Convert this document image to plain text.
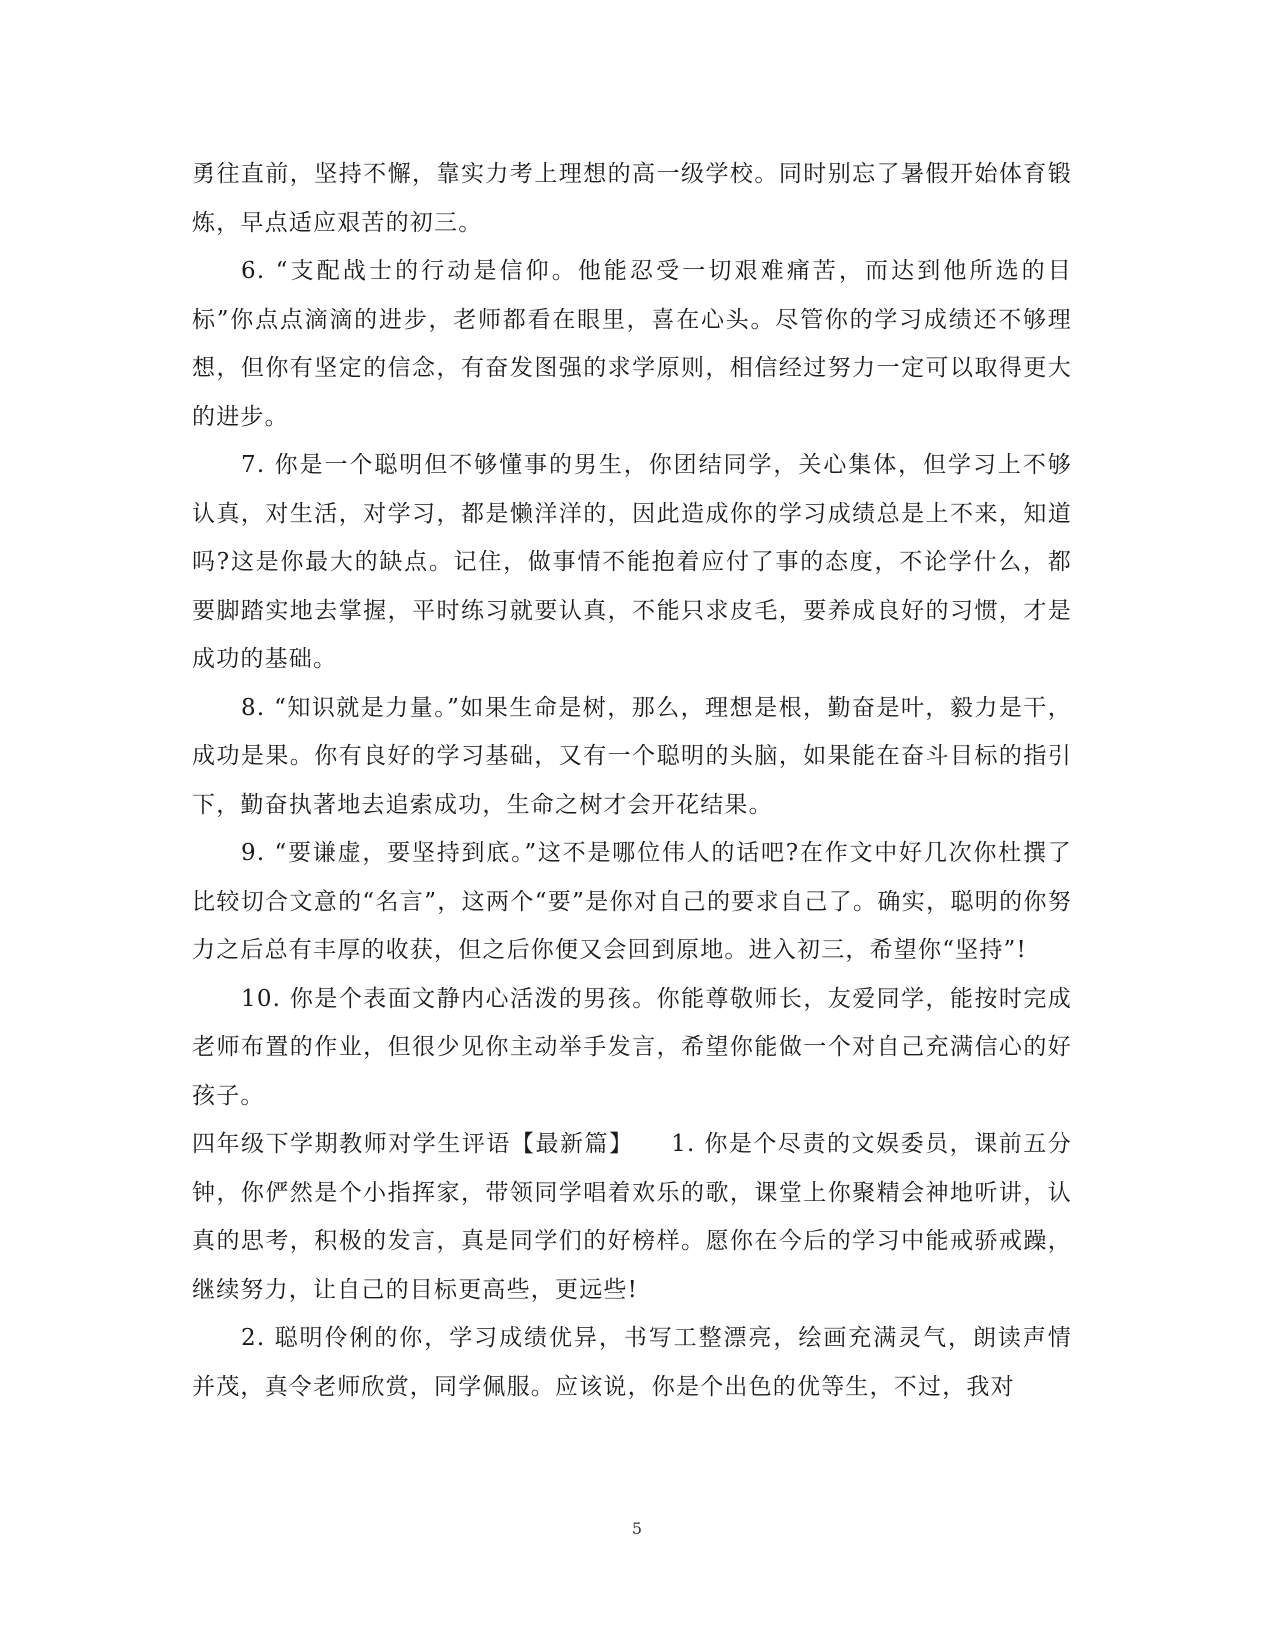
勇往直前，坚持不懈，靠实力考上理想的高一级学校。同时别忘了暑假开始体育锻炼，早点适应艰苦的初三。

6. “支配战士的行动是信仰。他能忍受一切艰难痛苦，而达到他所选的目标”你点点滴滴的进步，老师都看在眼里，喜在心头。尽管你的学习成绩还不够理想，但你有坚定的信念，有奋发图强的求学原则，相信经过努力一定可以取得更大的进步。

7. 你是一个聪明但不够懂事的男生，你团结同学，关心集体，但学习上不够认真，对生活，对学习，都是懒洋洋的，因此造成你的学习成绩总是上不来，知道吗?这是你最大的缺点。记住，做事情不能抱着应付了事的态度，不论学什么，都要脚踏实地去掌握，平时练习就要认真，不能只求皮毛，要养成良好的习惯，才是成功的基础。

8. “知识就是力量。”如果生命是树，那么，理想是根，勤奋是叶，毅力是干，成功是果。你有良好的学习基础，又有一个聪明的头脑，如果能在奋斗目标的指引下，勤奋执著地去追索成功，生命之树才会开花结果。

9. “要谦虚，要坚持到底。”这不是哪位伟人的话吧?在作文中好几次你杜撰了比较切合文意的“名言”，这两个“要”是你对自己的要求自己了。确实，聪明的你努力之后总有丰厚的收获，但之后你便又会回到原地。进入初三，希望你“坚持”!

10. 你是个表面文静内心活泼的男孩。你能尊敬师长，友爱同学，能按时完成老师布置的作业，但很少见你主动举手发言，希望你能做一个对自己充满信心的好孩子。

四年级下学期教师对学生评语【最新篇】　　1. 你是个尽责的文娱委员，课前五分钟，你俨然是个小指挥家，带领同学唱着欢乐的歌，课堂上你聚精会神地听讲，认真的思考，积极的发言，真是同学们的好榜样。愿你在今后的学习中能戒骄戒躁，继续努力，让自己的目标更高些，更远些!

2. 聪明伶俐的你，学习成绩优异，书写工整漂亮，绘画充满灵气，朗读声情并茂，真令老师欣赏，同学佩服。应该说，你是个出色的优等生，不过，我对

5
